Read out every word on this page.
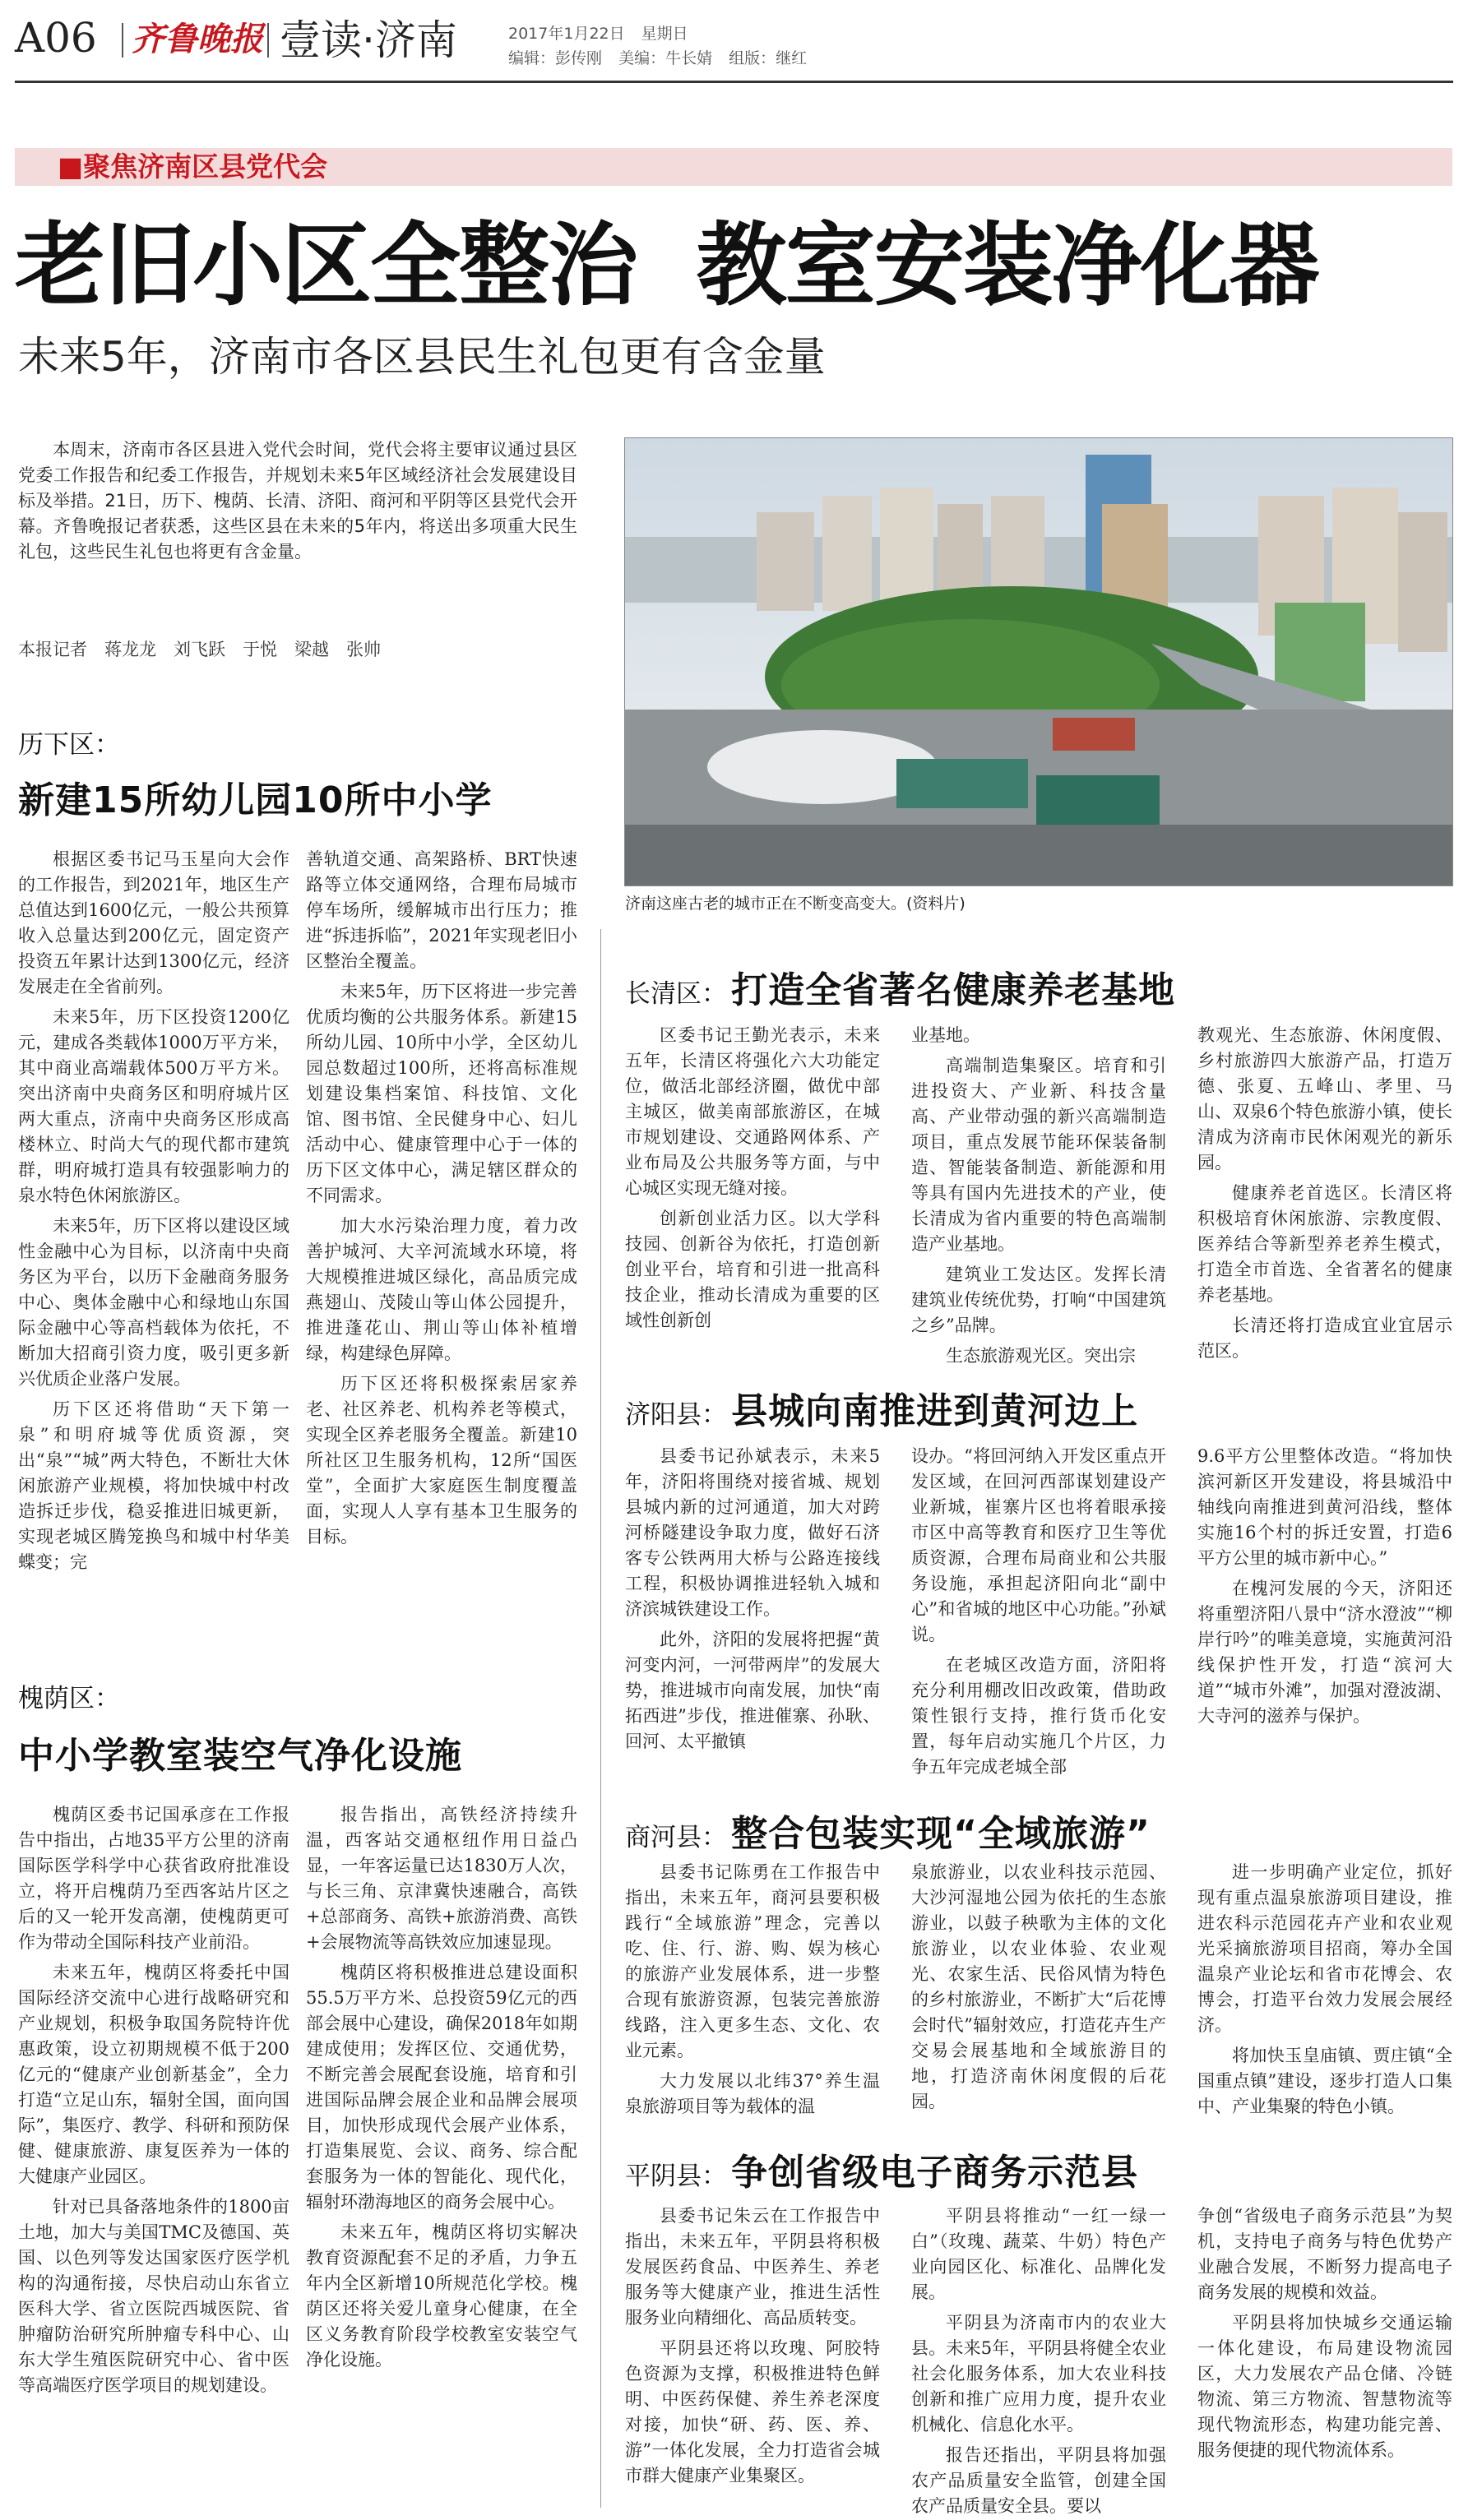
A06 齐鲁晚报 壹读·济南	2017年1月22日 星期日
编辑：彭传刚 美编：牛长婧 组版：继红
■聚焦济南区县党代会
老旧小区全整治  教室安装净化器
未来5年，济南市各区县民生礼包更有含金量
本周末，济南市各区县进入党代会时间，党代会将主要审议通过县区党委工作报告和纪委工作报告，并规划未来5年区域经济社会发展建设目标及举措。21日，历下、槐荫、长清、济阳、商河和平阴等区县党代会开幕。齐鲁晚报记者获悉，这些区县在未来的5年内，将送出多项重大民生礼包，这些民生礼包也将更有含金量。
本报记者　蒋龙龙　刘飞跃　于悦　梁越　张帅
济南这座古老的城市正在不断变高变大。(资料片)
历下区：
新建15所幼儿园10所中小学

根据区委书记马玉星向大会作的工作报告，到2021年，地区生产总值达到1600亿元，一般公共预算收入总量达到200亿元，固定资产投资五年累计达到1300亿元，经济发展走在全省前列。

未来5年，历下区投资1200亿元，建成各类载体1000万平方米，其中商业高端载体500万平方米。突出济南中央商务区和明府城片区两大重点，济南中央商务区形成高楼林立、时尚大气的现代都市建筑群，明府城打造具有较强影响力的泉水特色休闲旅游区。

未来5年，历下区将以建设区域性金融中心为目标，以济南中央商务区为平台，以历下金融商务服务中心、奥体金融中心和绿地山东国际金融中心等高档载体为依托，不断加大招商引资力度，吸引更多新兴优质企业落户发展。

历下区还将借助“天下第一泉”和明府城等优质资源，突出“泉”“城”两大特色，不断壮大休闲旅游产业规模，将加快城中村改造拆迁步伐，稳妥推进旧城更新，实现老城区腾笼换鸟和城中村华美蝶变；完

善轨道交通、高架路桥、BRT快速路等立体交通网络，合理布局城市停车场所，缓解城市出行压力；推进“拆违拆临”，2021年实现老旧小区整治全覆盖。

未来5年，历下区将进一步完善优质均衡的公共服务体系。新建15所幼儿园、10所中小学，全区幼儿园总数超过100所，还将高标准规划建设集档案馆、科技馆、文化馆、图书馆、全民健身中心、妇儿活动中心、健康管理中心于一体的历下区文体中心，满足辖区群众的不同需求。

加大水污染治理力度，着力改善护城河、大辛河流域水环境，将大规模推进城区绿化，高品质完成燕翅山、茂陵山等山体公园提升，推进蓬花山、荆山等山体补植增绿，构建绿色屏障。

历下区还将积极探索居家养老、社区养老、机构养老等模式，实现全区养老服务全覆盖。新建10所社区卫生服务机构，12所“国医堂”，全面扩大家庭医生制度覆盖面，实现人人享有基本卫生服务的目标。

槐荫区：
中小学教室装空气净化设施

槐荫区委书记国承彦在工作报告中指出，占地35平方公里的济南国际医学科学中心获省政府批准设立，将开启槐荫乃至西客站片区之后的又一轮开发高潮，使槐荫更可作为带动全国际科技产业前沿。

未来五年，槐荫区将委托中国国际经济交流中心进行战略研究和产业规划，积极争取国务院特许优惠政策，设立初期规模不低于200亿元的“健康产业创新基金”，全力打造“立足山东，辐射全国，面向国际”，集医疗、教学、科研和预防保健、健康旅游、康复医养为一体的大健康产业园区。

针对已具备落地条件的1800亩土地，加大与美国TMC及德国、英国、以色列等发达国家医疗医学机构的沟通衔接，尽快启动山东省立医科大学、省立医院西城医院、省肿瘤防治研究所肿瘤专科中心、山东大学生殖医院研究中心、省中医等高端医疗医学项目的规划建设。

报告指出，高铁经济持续升温，西客站交通枢纽作用日益凸显，一年客运量已达1830万人次，与长三角、京津冀快速融合，高铁+总部商务、高铁+旅游消费、高铁+会展物流等高铁效应加速显现。

槐荫区将积极推进总建设面积55.5万平方米、总投资59亿元的西部会展中心建设，确保2018年如期建成使用；发挥区位、交通优势，不断完善会展配套设施，培育和引进国际品牌会展企业和品牌会展项目，加快形成现代会展产业体系，打造集展览、会议、商务、综合配套服务为一体的智能化、现代化，辐射环渤海地区的商务会展中心。

未来五年，槐荫区将切实解决教育资源配套不足的矛盾，力争五年内全区新增10所规范化学校。槐荫区还将关爱儿童身心健康，在全区义务教育阶段学校教室安装空气净化设施。

长清区： 打造全省著名健康养老基地

区委书记王勤光表示，未来五年，长清区将强化六大功能定位，做活北部经济圈，做优中部主城区，做美南部旅游区，在城市规划建设、交通路网体系、产业布局及公共服务等方面，与中心城区实现无缝对接。

创新创业活力区。以大学科技园、创新谷为依托，打造创新创业平台，培育和引进一批高科技企业，推动长清成为重要的区域性创新创

业基地。

高端制造集聚区。培育和引进投资大、产业新、科技含量高、产业带动强的新兴高端制造项目，重点发展节能环保装备制造、智能装备制造、新能源和用等具有国内先进技术的产业，使长清成为省内重要的特色高端制造产业基地。

建筑业工发达区。发挥长清建筑业传统优势，打响“中国建筑之乡”品牌。

生态旅游观光区。突出宗

教观光、生态旅游、休闲度假、乡村旅游四大旅游产品，打造万德、张夏、五峰山、孝里、马山、双泉6个特色旅游小镇，使长清成为济南市民休闲观光的新乐园。

健康养老首选区。长清区将积极培育休闲旅游、宗教度假、医养结合等新型养老养生模式，打造全市首选、全省著名的健康养老基地。

长清还将打造成宜业宜居示范区。

济阳县： 县城向南推进到黄河边上

县委书记孙斌表示，未来5年，济阳将围绕对接省城、规划县城内新的过河通道，加大对跨河桥隧建设争取力度，做好石济客专公铁两用大桥与公路连接线工程，积极协调推进轻轨入城和济滨城铁建设工作。

此外，济阳的发展将把握“黄河变内河，一河带两岸”的发展大势，推进城市向南发展，加快“南拓西进”步伐，推进催寨、孙耿、回河、太平撤镇

设办。“将回河纳入开发区重点开发区域，在回河西部谋划建设产业新城，崔寨片区也将着眼承接市区中高等教育和医疗卫生等优质资源，合理布局商业和公共服务设施，承担起济阳向北“副中心”和省城的地区中心功能。”孙斌说。

在老城区改造方面，济阳将充分利用棚改旧改政策，借助政策性银行支持，推行货币化安置，每年启动实施几个片区，力争五年完成老城全部

9.6平方公里整体改造。“将加快滨河新区开发建设，将县城沿中轴线向南推进到黄河沿线，整体实施16个村的拆迁安置，打造6平方公里的城市新中心。”

在槐河发展的今天，济阳还将重塑济阳八景中“济水澄波”“柳岸行吟”的唯美意境，实施黄河沿线保护性开发，打造“滨河大道”“城市外滩”，加强对澄波湖、大寺河的滋养与保护。

商河县： 整合包装实现“全域旅游”

县委书记陈勇在工作报告中指出，未来五年，商河县要积极践行“全域旅游”理念，完善以吃、住、行、游、购、娱为核心的旅游产业发展体系，进一步整合现有旅游资源，包装完善旅游线路，注入更多生态、文化、农业元素。

大力发展以北纬37°养生温泉旅游项目等为载体的温

泉旅游业，以农业科技示范园、大沙河湿地公园为依托的生态旅游业，以鼓子秧歌为主体的文化旅游业，以农业体验、农业观光、农家生活、民俗风情为特色的乡村旅游业，不断扩大“后花博会时代”辐射效应，打造花卉生产交易会展基地和全域旅游目的地，打造济南休闲度假的后花园。

进一步明确产业定位，抓好现有重点温泉旅游项目建设，推进农科示范园花卉产业和农业观光采摘旅游项目招商，筹办全国温泉产业论坛和省市花博会、农博会，打造平台效力发展会展经济。

将加快玉皇庙镇、贾庄镇“全国重点镇”建设，逐步打造人口集中、产业集聚的特色小镇。

平阴县： 争创省级电子商务示范县

县委书记朱云在工作报告中指出，未来五年，平阴县将积极发展医药食品、中医养生、养老服务等大健康产业，推进生活性服务业向精细化、高品质转变。

平阴县还将以玫瑰、阿胶特色资源为支撑，积极推进特色鲜明、中医药保健、养生养老深度对接，加快“研、药、医、养、游”一体化发展，全力打造省会城市群大健康产业集聚区。

平阴县将推动“一红一绿一白”（玫瑰、蔬菜、牛奶）特色产业向园区化、标准化、品牌化发展。

平阴县为济南市内的农业大县。未来5年，平阴县将健全农业社会化服务体系，加大农业科技创新和推广应用力度，提升农业机械化、信息化水平。

报告还指出，平阴县将加强农产品质量安全监管，创建全国农产品质量安全县。要以

争创“省级电子商务示范县”为契机，支持电子商务与特色优势产业融合发展，不断努力提高电子商务发展的规模和效益。

平阴县将加快城乡交通运输一体化建设，布局建设物流园区，大力发展农产品仓储、冷链物流、第三方物流、智慧物流等现代物流形态，构建功能完善、服务便捷的现代物流体系。
